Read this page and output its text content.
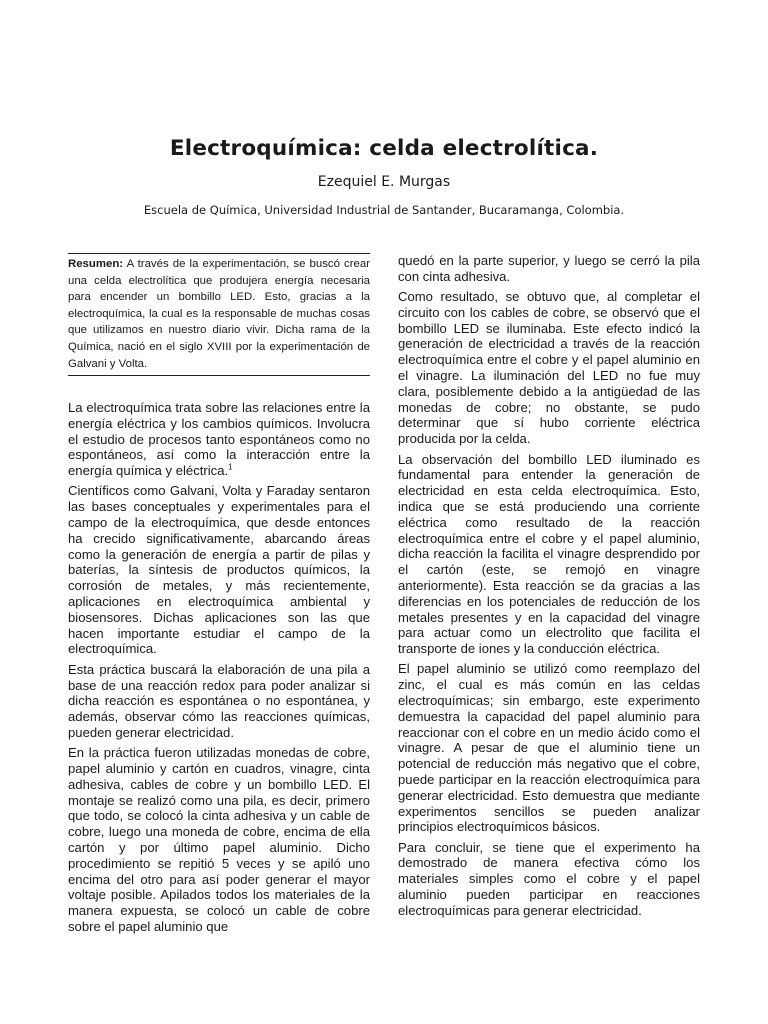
Electroquímica: celda electrolítica.
Ezequiel E. Murgas
Escuela de Química, Universidad Industrial de Santander, Bucaramanga, Colombia.
Resumen: A través de la experimentación, se buscó crear una celda electrolítica que produjera energía necesaria para encender un bombillo LED. Esto, gracias a la electroquímica, la cual es la responsable de muchas cosas que utilizamos en nuestro diario vivir. Dicha rama de la Química, nació en el siglo XVIII por la experimentación de Galvani y Volta.

La electroquímica trata sobre las relaciones entre la energía eléctrica y los cambios químicos. Involucra el estudio de procesos tanto espontáneos como no espontáneos, así como la interacción entre la energía química y eléctrica.$^1$

Científicos como Galvani, Volta y Faraday sentaron las bases conceptuales y experimentales para el campo de la electroquímica, que desde entonces ha crecido significativamente, abarcando áreas como la generación de energía a partir de pilas y baterías, la síntesis de productos químicos, la corrosión de metales, y más recientemente, aplicaciones en electroquímica ambiental y biosensores. Dichas aplicaciones son las que hacen importante estudiar el campo de la electroquímica.

Esta práctica buscará la elaboración de una pila a base de una reacción redox para poder analizar si dicha reacción es espontánea o no espontánea, y además, observar cómo las reacciones químicas, pueden generar electricidad.

En la práctica fueron utilizadas monedas de cobre, papel aluminio y cartón en cuadros, vinagre, cinta adhesiva, cables de cobre y un bombillo LED. El montaje se realizó como una pila, es decir, primero que todo, se colocó la cinta adhesiva y un cable de cobre, luego una moneda de cobre, encima de ella cartón y por último papel aluminio. Dicho procedimiento se repitió 5 veces y se apiló uno encima del otro para así poder generar el mayor voltaje posible. Apilados todos los materiales de la manera expuesta, se colocó un cable de cobre sobre el papel aluminio que

quedó en la parte superior, y luego se cerró la pila con cinta adhesiva.

Como resultado, se obtuvo que, al completar el circuito con los cables de cobre, se observó que el bombillo LED se iluminaba. Este efecto indicó la generación de electricidad a través de la reacción electroquímica entre el cobre y el papel aluminio en el vinagre. La iluminación del LED no fue muy clara, posiblemente debido a la antigüedad de las monedas de cobre; no obstante, se pudo determinar que sí hubo corriente eléctrica producida por la celda.

La observación del bombillo LED iluminado es fundamental para entender la generación de electricidad en esta celda electroquímica. Esto, indica que se está produciendo una corriente eléctrica como resultado de la reacción electroquímica entre el cobre y el papel aluminio, dicha reacción la facilita el vinagre desprendido por el cartón (este, se remojó en vinagre anteriormente). Esta reacción se da gracias a las diferencias en los potenciales de reducción de los metales presentes y en la capacidad del vinagre para actuar como un electrolito que facilita el transporte de iones y la conducción eléctrica.

El papel aluminio se utilizó como reemplazo del zinc, el cual es más común en las celdas electroquímicas; sin embargo, este experimento demuestra la capacidad del papel aluminio para reaccionar con el cobre en un medio ácido como el vinagre. A pesar de que el aluminio tiene un potencial de reducción más negativo que el cobre, puede participar en la reacción electroquímica para generar electricidad. Esto demuestra que mediante experimentos sencillos se pueden analizar principios electroquímicos básicos.

Para concluir, se tiene que el experimento ha demostrado de manera efectiva cómo los materiales simples como el cobre y el papel aluminio pueden participar en reacciones electroquímicas para generar electricidad.
